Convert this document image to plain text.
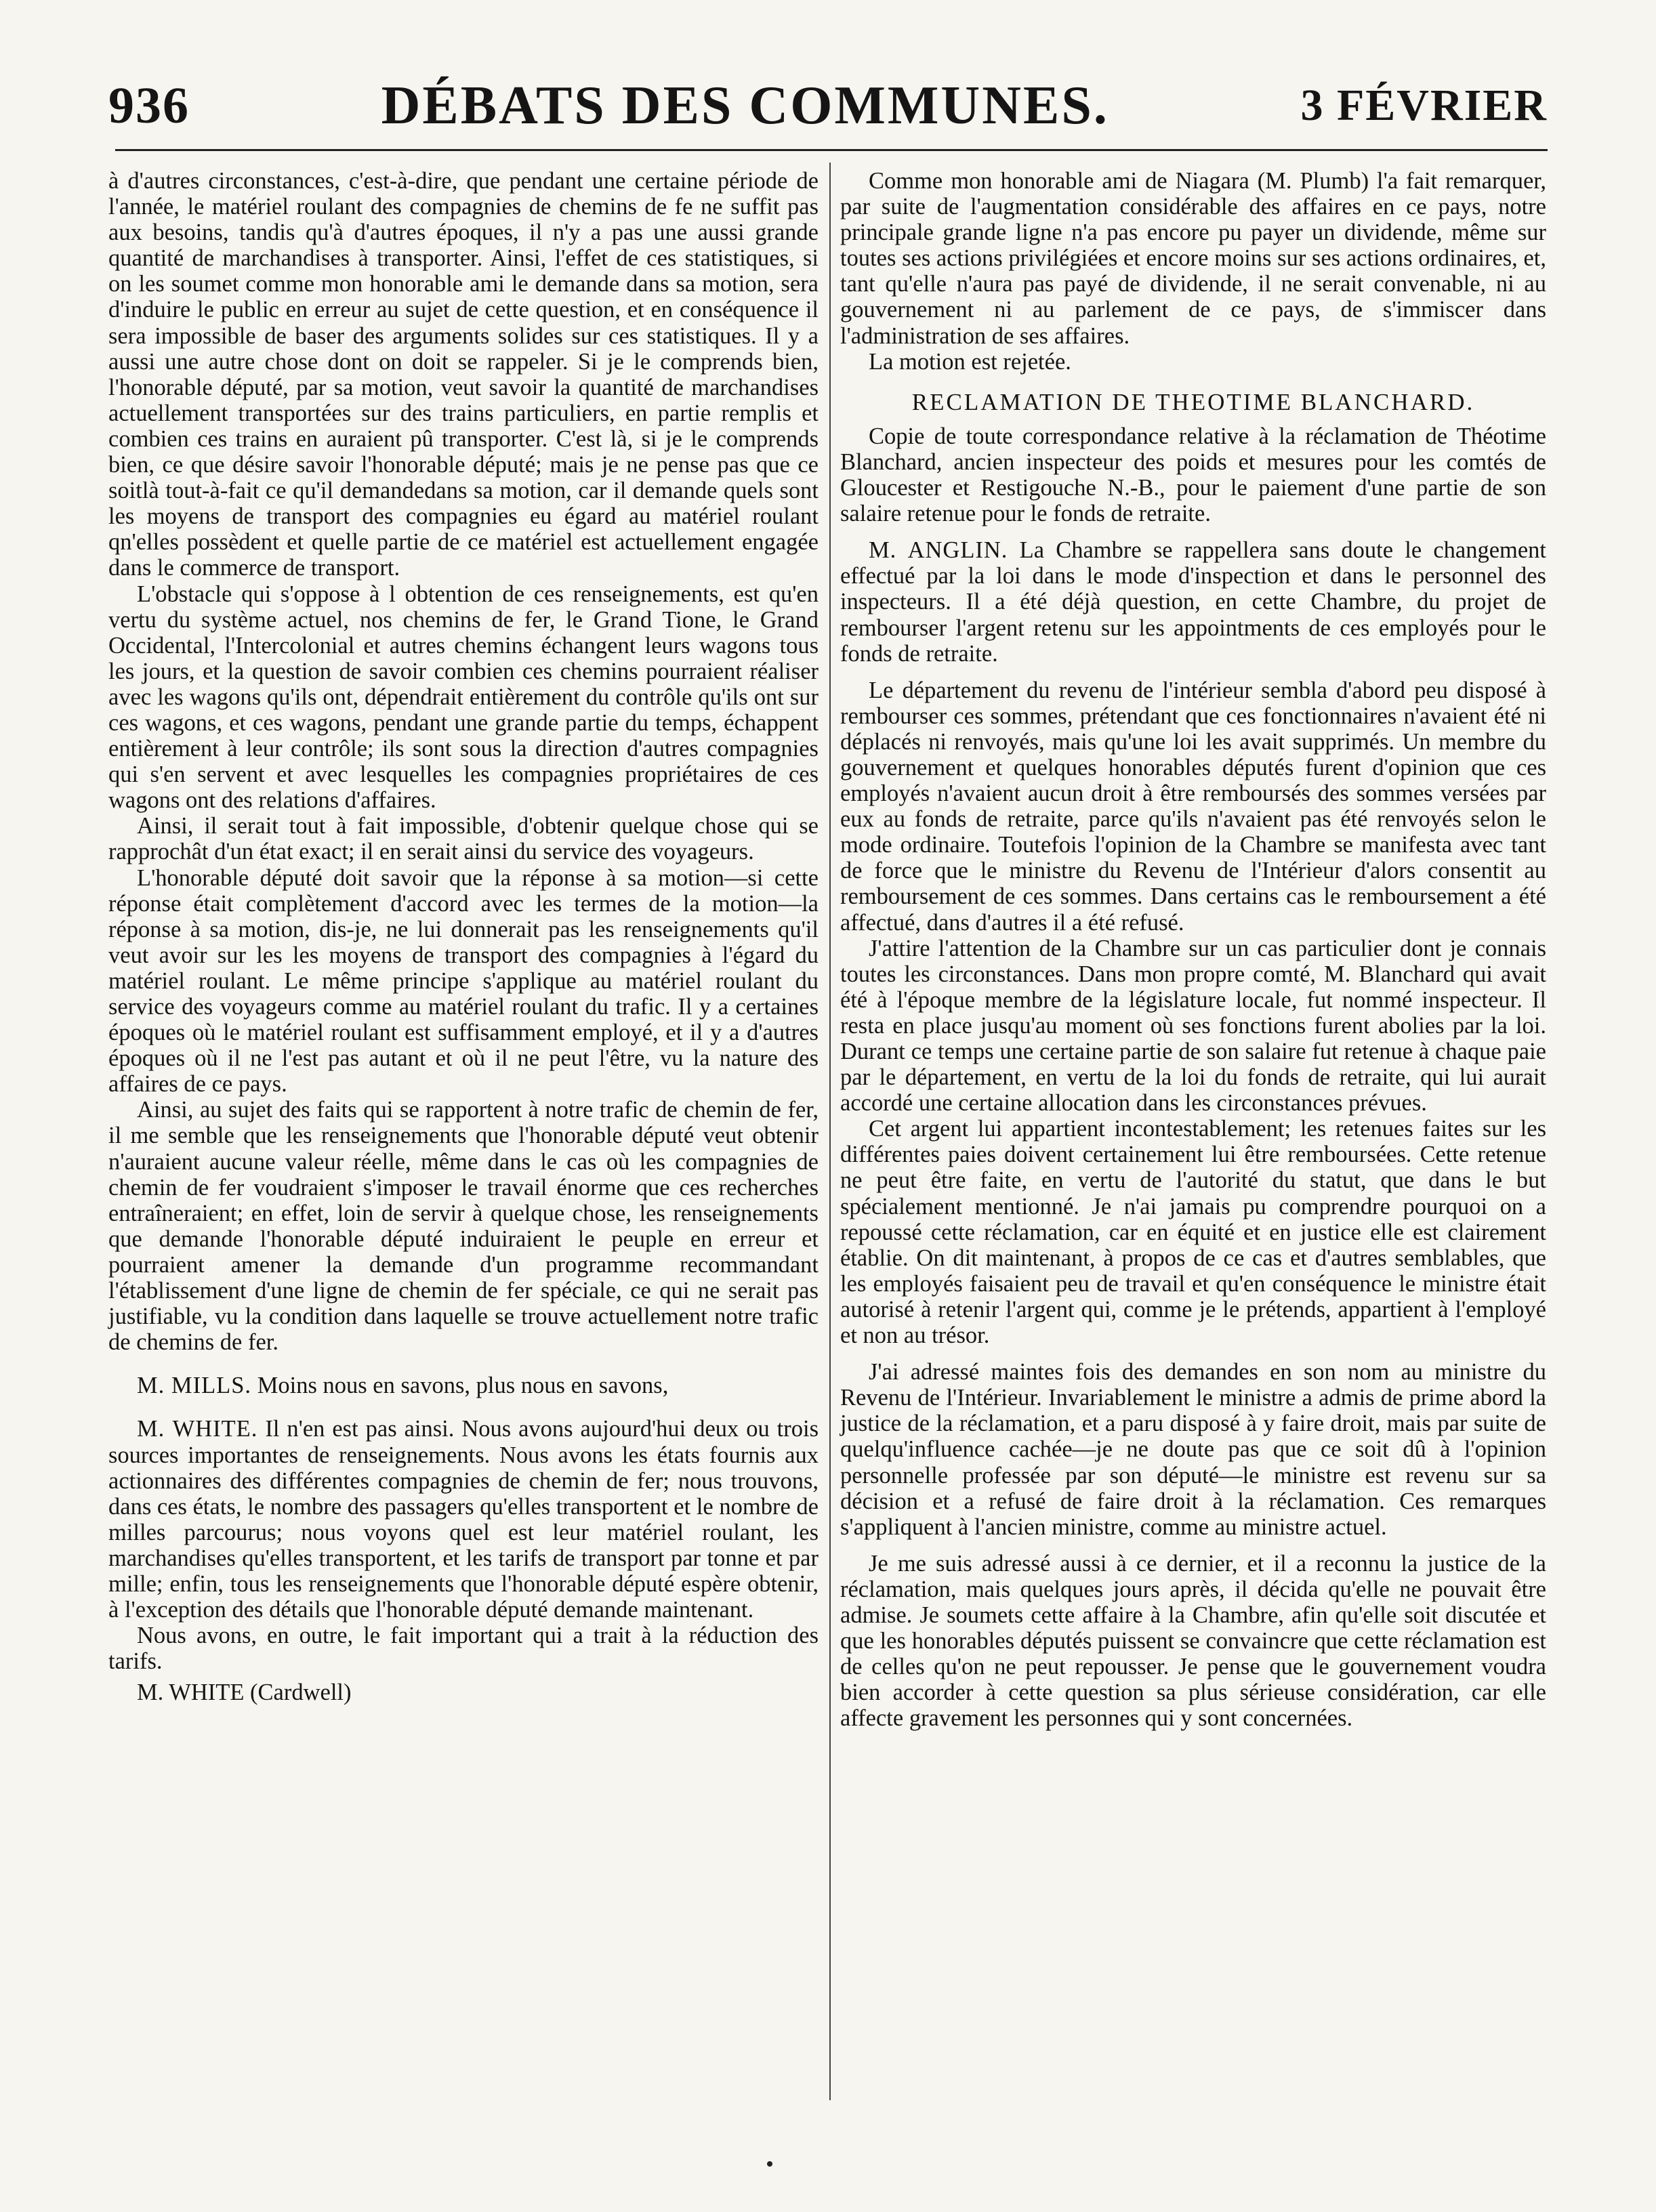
936	DÉBATS DES COMMUNES.	3 FÉVRIER

à d'autres circonstances, c'est-à-dire, que pendant une certaine période de l'année, le matériel roulant des compagnies de chemins de fe ne suffit pas aux besoins, tandis qu'à d'autres époques, il n'y a pas une aussi grande quantité de marchandises à transporter. Ainsi, l'effet de ces statistiques, si on les soumet comme mon honorable ami le demande dans sa motion, sera d'induire le public en erreur au sujet de cette question, et en conséquence il sera impossible de baser des arguments solides sur ces statistiques. Il y a aussi une autre chose dont on doit se rappeler. Si je le comprends bien, l'honorable député, par sa motion, veut savoir la quantité de marchandises actuellement transportées sur des trains particuliers, en partie remplis et combien ces trains en auraient pû transporter. C'est là, si je le comprends bien, ce que désire savoir l'honorable député; mais je ne pense pas que ce soitlà tout-à-fait ce qu'il demandedans sa motion, car il demande quels sont les moyens de transport des compagnies eu égard au matériel roulant qn'elles possèdent et quelle partie de ce matériel est actuellement engagée dans le commerce de transport.

L'obstacle qui s'oppose à l obtention de ces renseignements, est qu'en vertu du système actuel, nos chemins de fer, le Grand Tione, le Grand Occidental, l'Intercolonial et autres chemins échangent leurs wagons tous les jours, et la question de savoir combien ces chemins pourraient réaliser avec les wagons qu'ils ont, dépendrait entièrement du contrôle qu'ils ont sur ces wagons, et ces wagons, pendant une grande partie du temps, échappent entièrement à leur contrôle; ils sont sous la direction d'autres compagnies qui s'en servent et avec lesquelles les compagnies propriétaires de ces wagons ont des relations d'affaires.

Ainsi, il serait tout à fait impossible, d'obtenir quelque chose qui se rapprochât d'un état exact; il en serait ainsi du service des voyageurs.

L'honorable député doit savoir que la réponse à sa motion—si cette réponse était complètement d'accord avec les termes de la motion—la réponse à sa motion, dis-je, ne lui donnerait pas les renseignements qu'il veut avoir sur les les moyens de transport des compagnies à l'égard du matériel roulant. Le même principe s'applique au matériel roulant du service des voyageurs comme au matériel roulant du trafic. Il y a certaines époques où le matériel roulant est suffisamment employé, et il y a d'autres époques où il ne l'est pas autant et où il ne peut l'être, vu la nature des affaires de ce pays.

Ainsi, au sujet des faits qui se rapportent à notre trafic de chemin de fer, il me semble que les renseignements que l'honorable député veut obtenir n'auraient aucune valeur réelle, même dans le cas où les compagnies de chemin de fer voudraient s'imposer le travail énorme que ces recherches entraîneraient; en effet, loin de servir à quelque chose, les renseignements que demande l'honorable député induiraient le peuple en erreur et pourraient amener la demande d'un programme recommandant l'établissement d'une ligne de chemin de fer spéciale, ce qui ne serait pas justifiable, vu la condition dans laquelle se trouve actuellement notre trafic de chemins de fer.

M. MILLS. Moins nous en savons, plus nous en savons,

M. WHITE. Il n'en est pas ainsi. Nous avons aujourd'hui deux ou trois sources importantes de renseignements. Nous avons les états fournis aux actionnaires des différentes compagnies de chemin de fer; nous trouvons, dans ces états, le nombre des passagers qu'elles transportent et le nombre de milles parcourus; nous voyons quel est leur matériel roulant, les marchandises qu'elles transportent, et les tarifs de transport par tonne et par mille; enfin, tous les renseignements que l'honorable député espère obtenir, à l'exception des détails que l'honorable député demande maintenant.

Nous avons, en outre, le fait important qui a trait à la réduction des tarifs.

M. WHITE (Cardwell)

Comme mon honorable ami de Niagara (M. Plumb) l'a fait remarquer, par suite de l'augmentation considérable des affaires en ce pays, notre principale grande ligne n'a pas encore pu payer un dividende, même sur toutes ses actions privilégiées et encore moins sur ses actions ordinaires, et, tant qu'elle n'aura pas payé de dividende, il ne serait convenable, ni au gouvernement ni au parlement de ce pays, de s'immiscer dans l'administration de ses affaires.

La motion est rejetée.

RECLAMATION DE THEOTIME BLANCHARD.

Copie de toute correspondance relative à la réclamation de Théotime Blanchard, ancien inspecteur des poids et mesures pour les comtés de Gloucester et Restigouche N.-B., pour le paiement d'une partie de son salaire retenue pour le fonds de retraite.

M. ANGLIN. La Chambre se rappellera sans doute le changement effectué par la loi dans le mode d'inspection et dans le personnel des inspecteurs. Il a été déjà question, en cette Chambre, du projet de rembourser l'argent retenu sur les appointments de ces employés pour le fonds de retraite.

Le département du revenu de l'intérieur sembla d'abord peu disposé à rembourser ces sommes, prétendant que ces fonctionnaires n'avaient été ni déplacés ni renvoyés, mais qu'une loi les avait supprimés. Un membre du gouvernement et quelques honorables députés furent d'opinion que ces employés n'avaient aucun droit à être remboursés des sommes versées par eux au fonds de retraite, parce qu'ils n'avaient pas été renvoyés selon le mode ordinaire. Toutefois l'opinion de la Chambre se manifesta avec tant de force que le ministre du Revenu de l'Intérieur d'alors consentit au remboursement de ces sommes. Dans certains cas le remboursement a été affectué, dans d'autres il a été refusé.

J'attire l'attention de la Chambre sur un cas particulier dont je connais toutes les circonstances. Dans mon propre comté, M. Blanchard qui avait été à l'époque membre de la législature locale, fut nommé inspecteur. Il resta en place jusqu'au moment où ses fonctions furent abolies par la loi. Durant ce temps une certaine partie de son salaire fut retenue à chaque paie par le département, en vertu de la loi du fonds de retraite, qui lui aurait accordé une certaine allocation dans les circonstances prévues.

Cet argent lui appartient incontestablement; les retenues faites sur les différentes paies doivent certainement lui être remboursées. Cette retenue ne peut être faite, en vertu de l'autorité du statut, que dans le but spécialement mentionné. Je n'ai jamais pu comprendre pourquoi on a repoussé cette réclamation, car en équité et en justice elle est clairement établie. On dit maintenant, à propos de ce cas et d'autres semblables, que les employés faisaient peu de travail et qu'en conséquence le ministre était autorisé à retenir l'argent qui, comme je le prétends, appartient à l'employé et non au trésor.

J'ai adressé maintes fois des demandes en son nom au ministre du Revenu de l'Intérieur. Invariablement le ministre a admis de prime abord la justice de la réclamation, et a paru disposé à y faire droit, mais par suite de quelqu'influence cachée—je ne doute pas que ce soit dû à l'opinion personnelle professée par son député—le ministre est revenu sur sa décision et a refusé de faire droit à la réclamation. Ces remarques s'appliquent à l'ancien ministre, comme au ministre actuel.

Je me suis adressé aussi à ce dernier, et il a reconnu la justice de la réclamation, mais quelques jours après, il décida qu'elle ne pouvait être admise. Je soumets cette affaire à la Chambre, afin qu'elle soit discutée et que les honorables députés puissent se convaincre que cette réclamation est de celles qu'on ne peut repousser. Je pense que le gouvernement voudra bien accorder à cette question sa plus sérieuse considération, car elle affecte gravement les personnes qui y sont concernées.
